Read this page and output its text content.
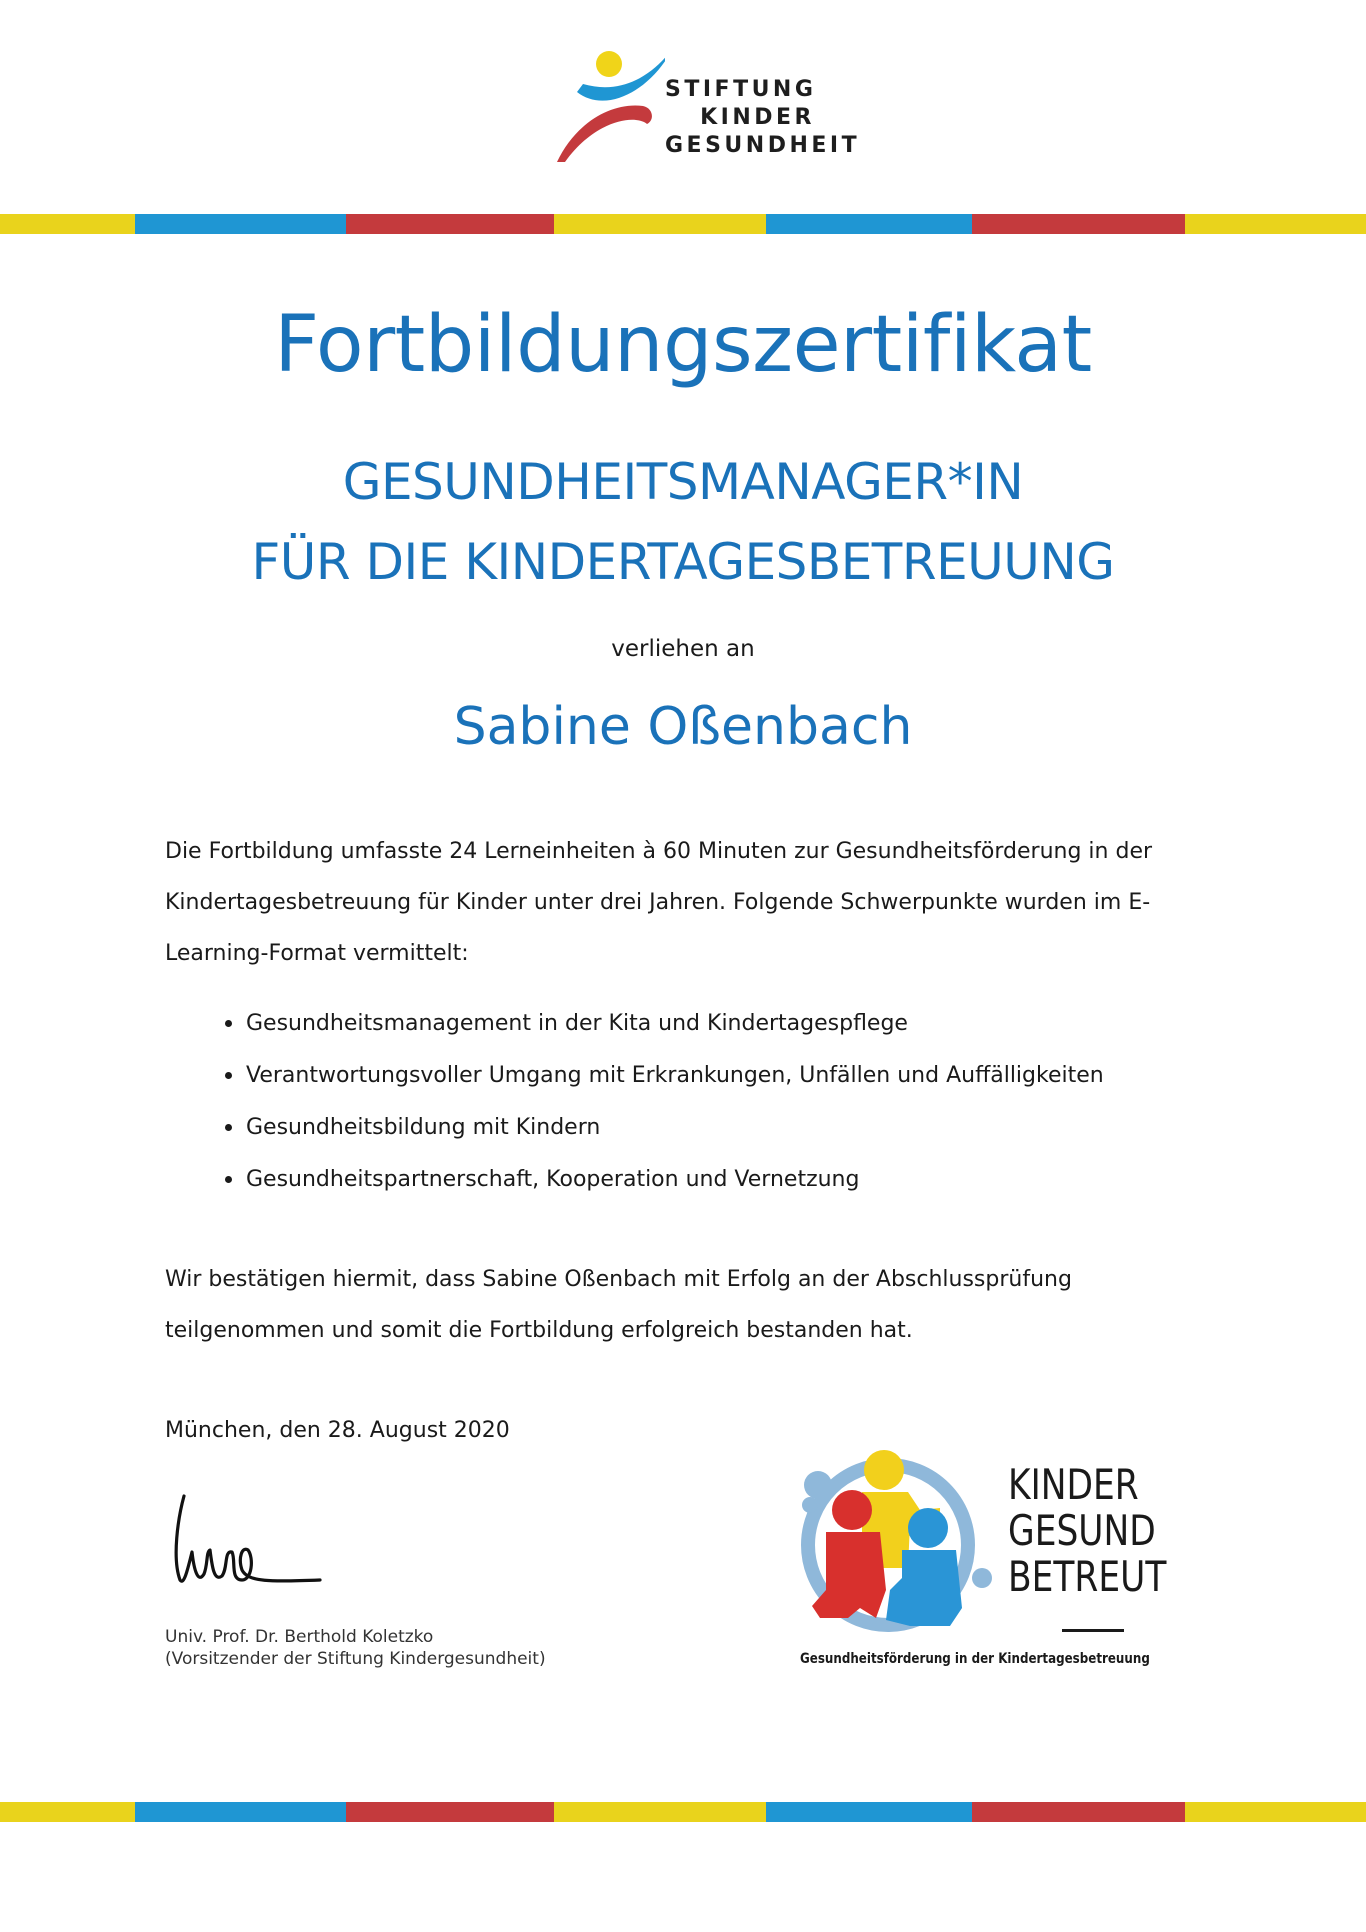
STIFTUNG
KINDER
GESUNDHEIT
Fortbildungszertifikat
GESUNDHEITSMANAGER*IN
FÜR DIE KINDERTAGESBETREUUNG
verliehen an
Sabine Oßenbach

Die Fortbildung umfasste 24 Lerneinheiten à 60 Minuten zur Gesundheitsförderung in der Kindertagesbetreuung für Kinder unter drei Jahren. Folgende Schwerpunkte wurden im E-Learning-Format vermittelt:

Gesundheitsmanagement in der Kita und Kindertagespflege
Verantwortungsvoller Umgang mit Erkrankungen, Unfällen und Auffälligkeiten
Gesundheitsbildung mit Kindern
Gesundheitspartnerschaft, Kooperation und Vernetzung

Wir bestätigen hiermit, dass Sabine Oßenbach mit Erfolg an der Abschlussprüfung teilgenommen und somit die Fortbildung erfolgreich bestanden hat.

München, den 28. August 2020
Univ. Prof. Dr. Berthold Koletzko
(Vorsitzender der Stiftung Kindergesundheit)
KINDER
GESUND
BETREUT
Gesundheitsförderung in der Kindertagesbetreuung
